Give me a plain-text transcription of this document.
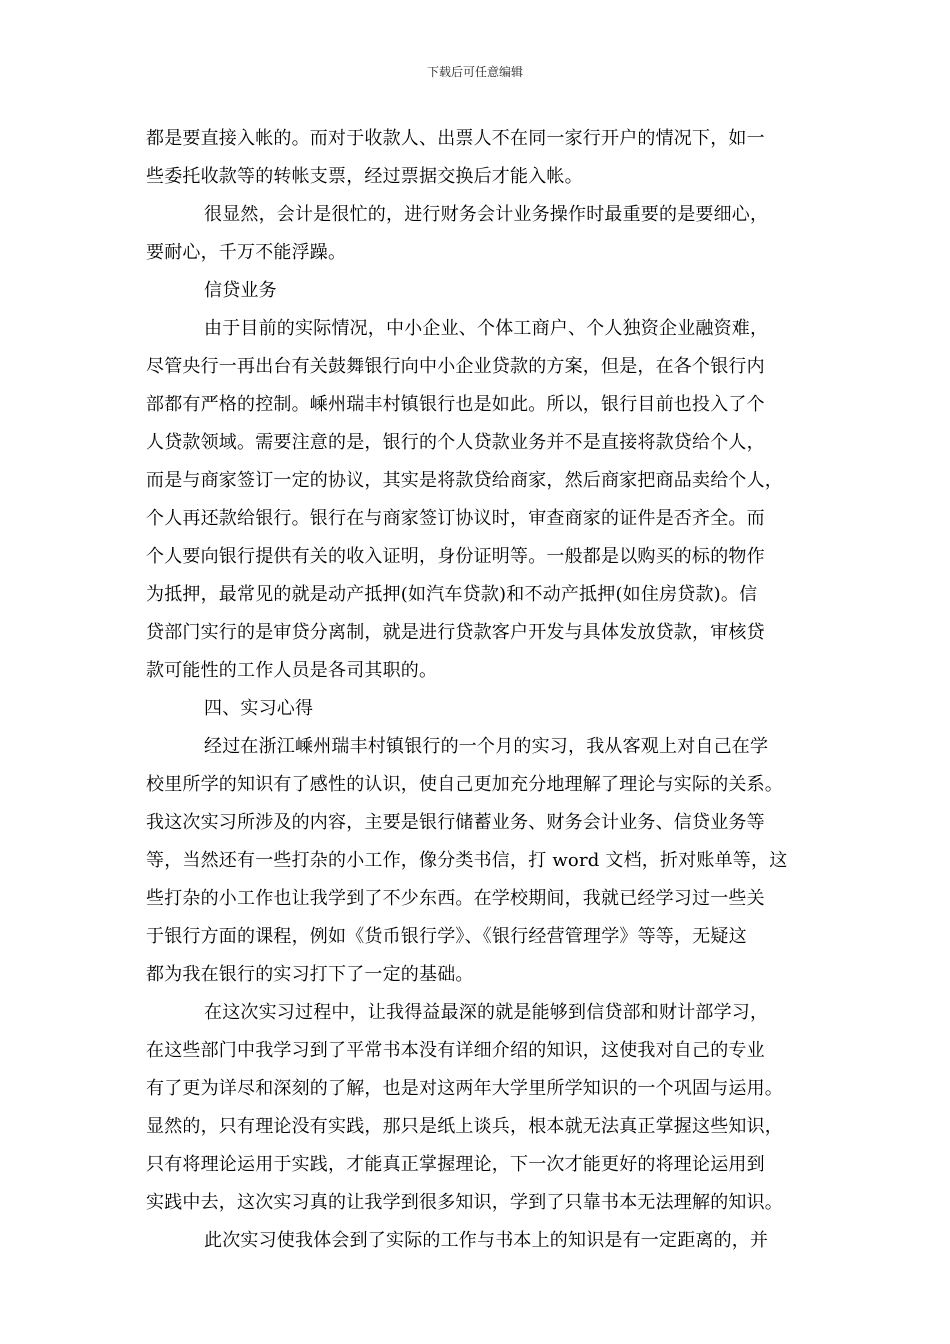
下载后可任意编辑
都是要直接入帐的。而对于收款人、出票人不在同一家行开户的情况下，如一
些委托收款等的转帐支票，经过票据交换后才能入帐。
很显然，会计是很忙的，进行财务会计业务操作时最重要的是要细心，
要耐心，千万不能浮躁。
信贷业务
由于目前的实际情况，中小企业、个体工商户、个人独资企业融资难，
尽管央行一再出台有关鼓舞银行向中小企业贷款的方案，但是，在各个银行内
部都有严格的控制。嵊州瑞丰村镇银行也是如此。所以，银行目前也投入了个
人贷款领域。需要注意的是，银行的个人贷款业务并不是直接将款贷给个人，
而是与商家签订一定的协议，其实是将款贷给商家，然后商家把商品卖给个人，
个人再还款给银行。银行在与商家签订协议时，审查商家的证件是否齐全。而
个人要向银行提供有关的收入证明，身份证明等。一般都是以购买的标的物作
为抵押，最常见的就是动产抵押(如汽车贷款)和不动产抵押(如住房贷款)。信
贷部门实行的是审贷分离制，就是进行贷款客户开发与具体发放贷款，审核贷
款可能性的工作人员是各司其职的。
四、实习心得
经过在浙江嵊州瑞丰村镇银行的一个月的实习，我从客观上对自己在学
校里所学的知识有了感性的认识，使自己更加充分地理解了理论与实际的关系。
我这次实习所涉及的内容，主要是银行储蓄业务、财务会计业务、信贷业务等
等，当然还有一些打杂的小工作，像分类书信，打 word 文档，折对账单等，这
些打杂的小工作也让我学到了不少东西。在学校期间，我就已经学习过一些关
于银行方面的课程，例如《货币银行学》、《银行经营管理学》等等，无疑这
都为我在银行的实习打下了一定的基础。
在这次实习过程中，让我得益最深的就是能够到信贷部和财计部学习，
在这些部门中我学习到了平常书本没有详细介绍的知识，这使我对自己的专业
有了更为详尽和深刻的了解，也是对这两年大学里所学知识的一个巩固与运用。
显然的，只有理论没有实践，那只是纸上谈兵，根本就无法真正掌握这些知识，
只有将理论运用于实践，才能真正掌握理论，下一次才能更好的将理论运用到
实践中去，这次实习真的让我学到很多知识，学到了只靠书本无法理解的知识。
此次实习使我体会到了实际的工作与书本上的知识是有一定距离的，并
